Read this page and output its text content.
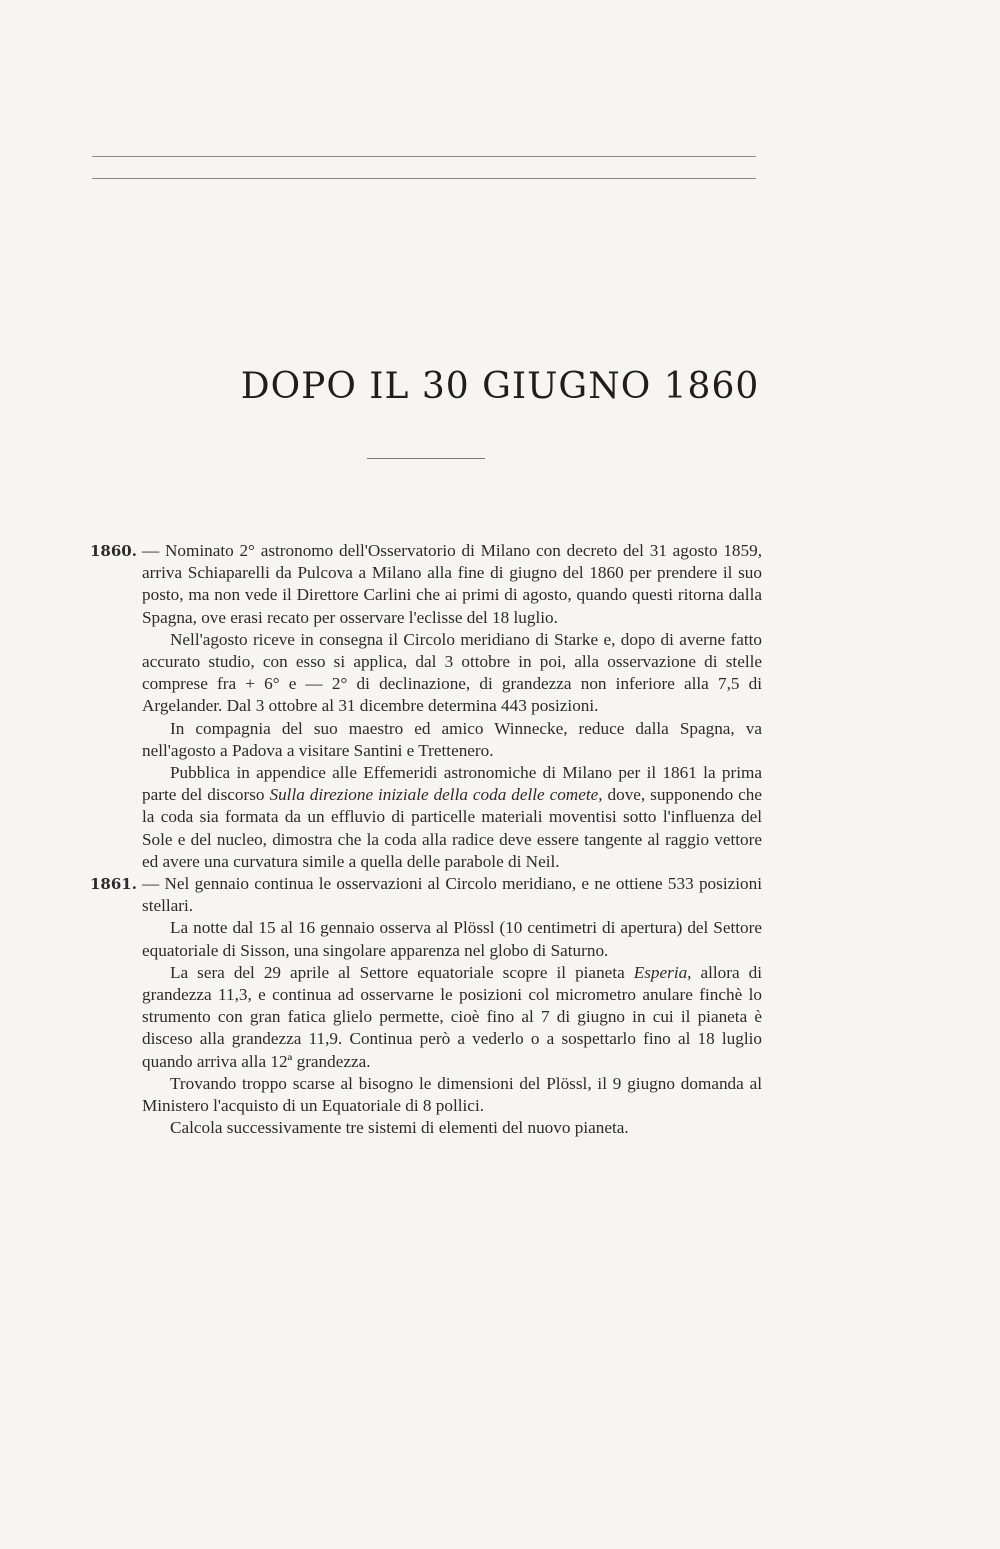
DOPO IL 30 GIUGNO 1860
1860. — Nominato 2° astronomo dell'Osservatorio di Milano con decreto del 31 agosto 1859, arriva Schiaparelli da Pulcova a Milano alla fine di giugno del 1860 per prendere il suo posto, ma non vede il Direttore Carlini che ai primi di agosto, quando questi ritorna dalla Spagna, ove erasi recato per osservare l'eclisse del 18 luglio.

Nell'agosto riceve in consegna il Circolo meridiano di Starke e, dopo di averne fatto accurato studio, con esso si applica, dal 3 ottobre in poi, alla osservazione di stelle comprese fra + 6° e — 2° di declinazione, di grandezza non inferiore alla 7,5 di Argelander. Dal 3 ottobre al 31 dicembre determina 443 posizioni.

In compagnia del suo maestro ed amico Winnecke, reduce dalla Spagna, va nell'agosto a Padova a visitare Santini e Trettenero.

Pubblica in appendice alle Effemeridi astronomiche di Milano per il 1861 la prima parte del discorso Sulla direzione iniziale della coda delle comete, dove, supponendo che la coda sia formata da un effluvio di particelle materiali moventisi sotto l'influenza del Sole e del nucleo, dimostra che la coda alla radice deve essere tangente al raggio vettore ed avere una curvatura simile a quella delle parabole di Neil.

1861. — Nel gennaio continua le osservazioni al Circolo meridiano, e ne ottiene 533 posizioni stellari.

La notte dal 15 al 16 gennaio osserva al Plössl (10 centimetri di apertura) del Settore equatoriale di Sisson, una singolare apparenza nel globo di Saturno.

La sera del 29 aprile al Settore equatoriale scopre il pianeta Esperia, allora di grandezza 11,3, e continua ad osservarne le posizioni col micrometro anulare finchè lo strumento con gran fatica glielo permette, cioè fino al 7 di giugno in cui il pianeta è disceso alla grandezza 11,9. Continua però a vederlo o a sospettarlo fino al 18 luglio quando arriva alla 12ª grandezza.

Trovando troppo scarse al bisogno le dimensioni del Plössl, il 9 giugno domanda al Ministero l'acquisto di un Equatoriale di 8 pollici.

Calcola successivamente tre sistemi di elementi del nuovo pianeta.
